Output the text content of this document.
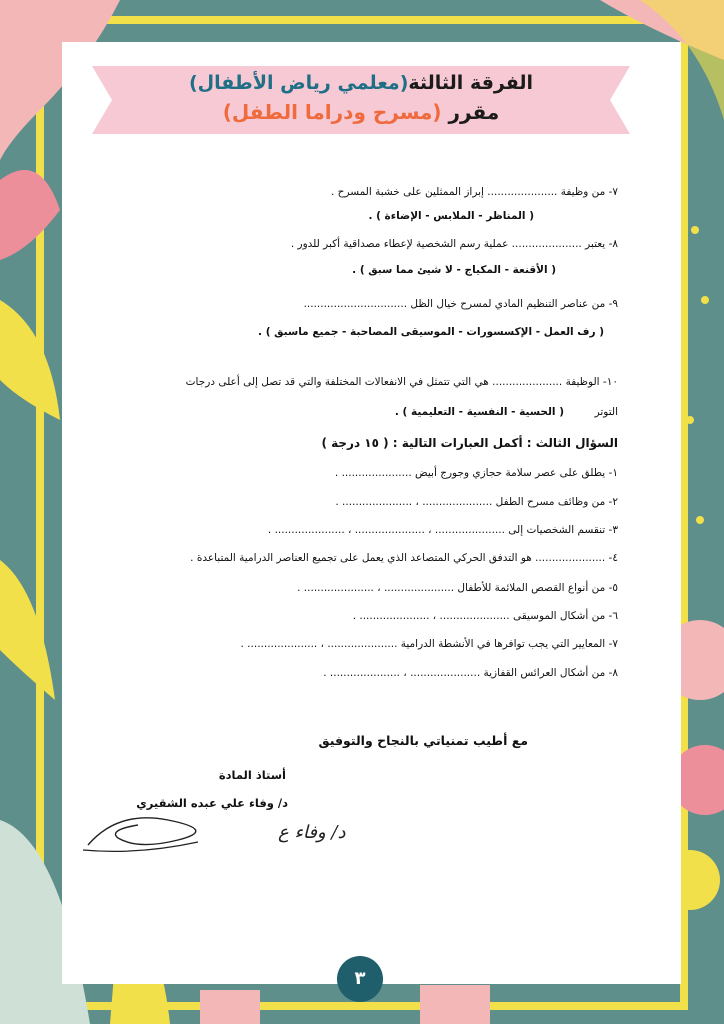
الفرقة الثالثة(معلمي رياض الأطفال)
مقرر (مسرح ودراما الطفل)
٧- من وظيفة ..................... إبراز الممثلين على خشبة المسرح .
( المناظر - الملابس - الإضاءة ) .
٨- يعتبر ..................... عملية رسم الشخصية لإعطاء مصداقية أكبر للدور .
( الأقنعة - المكياج - لا شيئ مما سبق ) .
٩- من عناصر التنظيم المادي لمسرح خيال الظل ...............................
( رف العمل - الإكسسورات - الموسيقى المصاحبة - جميع ماسبق ) .
١٠- الوظيفة ..................... هي التي تتمثل في الانفعالات المختلفة والتي قد تصل إلى أعلى درجات
التوتر
( الحسية - النفسية - التعليمية ) .
السؤال الثالث : أكمل العبارات التالية : ( ١٥ درجة )
١- يطلق على عصر سلامة حجازي وجورج أبيض ..................... .
٢- من وظائف مسرح الطفل ..................... ، ..................... .
٣- تنقسم الشخصيات إلى ..................... ، ..................... ، ..................... .
٤- ..................... هو التدفق الحركي المتصاعد الذي يعمل على تجميع العناصر الدرامية المتباعدة .
٥- من أنواع القصص الملائمة للأطفال ..................... ، ..................... .
٦- من أشكال الموسيقى ..................... ، ..................... .
٧- المعايير التي يجب توافرها في الأنشطة الدرامية ..................... ، ..................... .
٨- من أشكال العرائس القفازية ..................... ، ..................... .
مع أطيب تمنياتي بالنجاح والتوفيق
أستاذ المادة
د/ وفاء علي عبده الشقيري
د/ وفاء ع
٣
